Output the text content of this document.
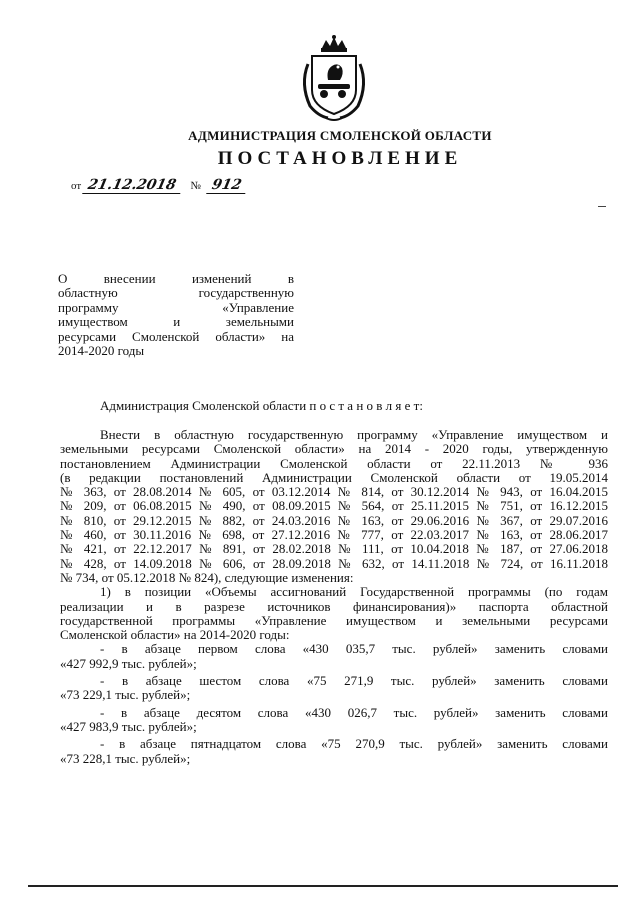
АДМИНИСТРАЦИЯ СМОЛЕНСКОЙ ОБЛАСТИ
ПОСТАНОВЛЕНИЕ
от 21.12.2018 № 912
О внесении изменений в
областную государственную
программу «Управление
имуществом и земельными
ресурсами Смоленской области» на
2014-2020 годы
Администрация Смоленской области п о с т а н о в л я е т:
Внести в областную государственную программу «Управление имуществом и
земельными ресурсами Смоленской области» на 2014 - 2020 годы, утвержденную
постановлением Администрации Смоленской области от 22.11.2013 № 936
(в редакции постановлений Администрации Смоленской области от 19.05.2014
№ 363, от 28.08.2014 № 605, от 03.12.2014 № 814, от 30.12.2014 № 943, от 16.04.2015
№ 209, от 06.08.2015 № 490, от 08.09.2015 № 564, от 25.11.2015 № 751, от 16.12.2015
№ 810, от 29.12.2015 № 882, от 24.03.2016 № 163, от 29.06.2016 № 367, от 29.07.2016
№ 460, от 30.11.2016 № 698, от 27.12.2016 № 777, от 22.03.2017 № 163, от 28.06.2017
№ 421, от 22.12.2017 № 891, от 28.02.2018 № 111, от 10.04.2018 № 187, от 27.06.2018
№ 428, от 14.09.2018 № 606, от 28.09.2018 № 632, от 14.11.2018 № 724, от 16.11.2018
№ 734, от 05.12.2018 № 824), следующие изменения:
1) в позиции «Объемы ассигнований Государственной программы (по годам
реализации и в разрезе источников финансирования)» паспорта областной
государственной программы «Управление имуществом и земельными ресурсами
Смоленской области» на 2014-2020 годы:
- в абзаце первом слова «430 035,7 тыс. рублей» заменить словами
«427 992,9 тыс. рублей»;
- в абзаце шестом слова «75 271,9 тыс. рублей» заменить словами
«73 229,1 тыс. рублей»;
- в абзаце десятом слова «430 026,7 тыс. рублей» заменить словами
«427 983,9 тыс. рублей»;
- в абзаце пятнадцатом слова «75 270,9 тыс. рублей» заменить словами
«73 228,1 тыс. рублей»;
